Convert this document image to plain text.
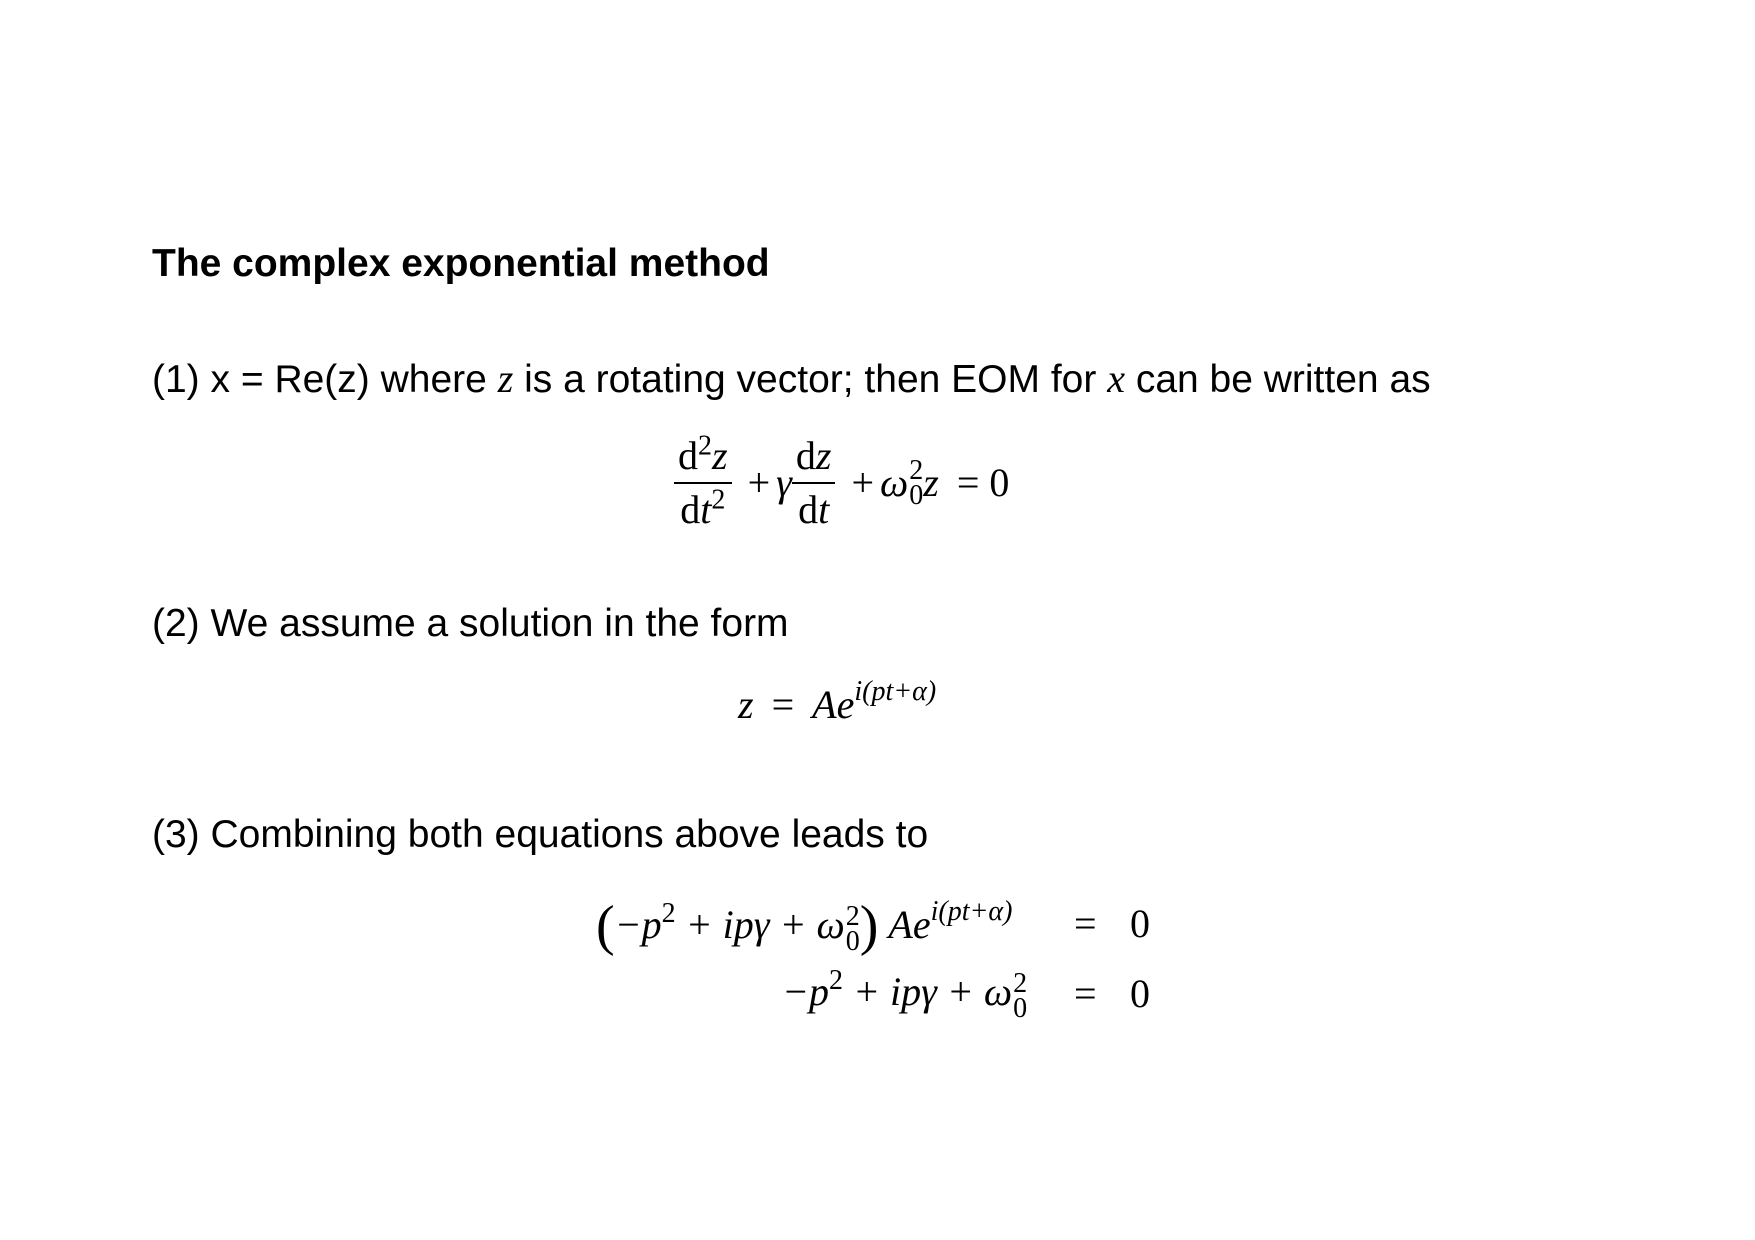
The complex exponential method
(1) x = Re(z) where z is a rotating vector; then EOM for x can be written as
$\frac{d^2z}{dt^2} + \gamma \frac{dz}{dt} + \omega$ 2
0 z = 0
(2) We assume a solution in the form
$z = Ae^{i(pt+\alpha)}$
(3) Combining both equations above leads to
($-p^2 + ip\gamma + \omega$ 2
0 ) $Ae^{i(pt+\alpha)} = 0$
$-p^2 + ip\gamma + \omega$ 2
0 = 0
